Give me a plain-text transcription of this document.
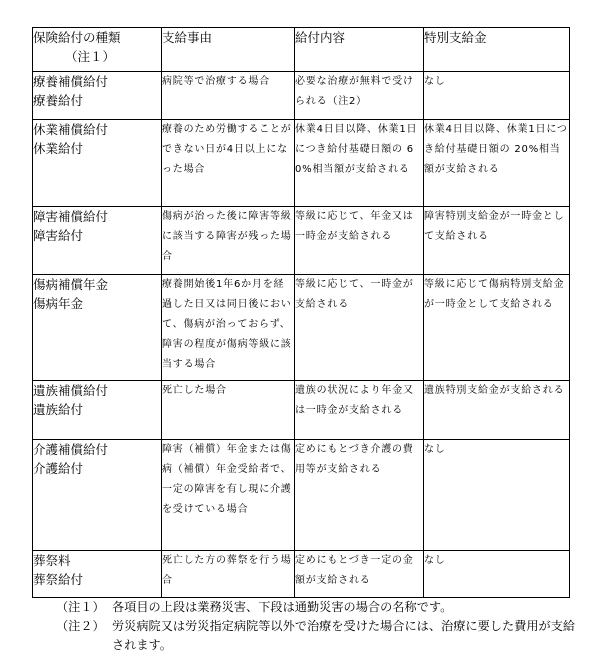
保険給付の種類
（注１）	支給事由	給付内容	特別支給金

療養補償給付
療養給付	病院等で治療する場合	必要な治療が無料で受けられる（注2）	なし

休業補償給付
休業給付	療養のため労働することができない日が4日以上になった場合	休業4日目以降、休業1日につき給付基礎日額の 60%相当額が支給される	休業4日目以降、休業1日につき給付基礎日額の 20%相当額が支給される

障害補償給付
障害給付	傷病が治った後に障害等級に該当する障害が残った場合	等級に応じて、年金又は一時金が支給される	障害特別支給金が一時金として支給される

傷病補償年金
傷病年金	療養開始後1年6か月を経過した日又は同日後において、傷病が治っておらず、障害の程度が傷病等級に該当する場合	等級に応じて、一時金が支給される	等級に応じて傷病特別支給金が一時金として支給される

遺族補償給付
遺族給付	死亡した場合	遺族の状況により年金又は一時金が支給される	遺族特別支給金が支給される

介護補償給付
介護給付	障害（補償）年金または傷病（補償）年金受給者で、一定の障害を有し現に介護を受けている場合	定めにもとづき介護の費用等が支給される	なし

葬祭料
葬祭給付	死亡した方の葬祭を行う場合	定めにもとづき一定の金額が支給される	なし
（注１） 各項目の上段は業務災害、下段は通勤災害の場合の名称です。
（注２） 労災病院又は労災指定病院等以外で治療を受けた場合には、治療に要した費用が支給されます。
